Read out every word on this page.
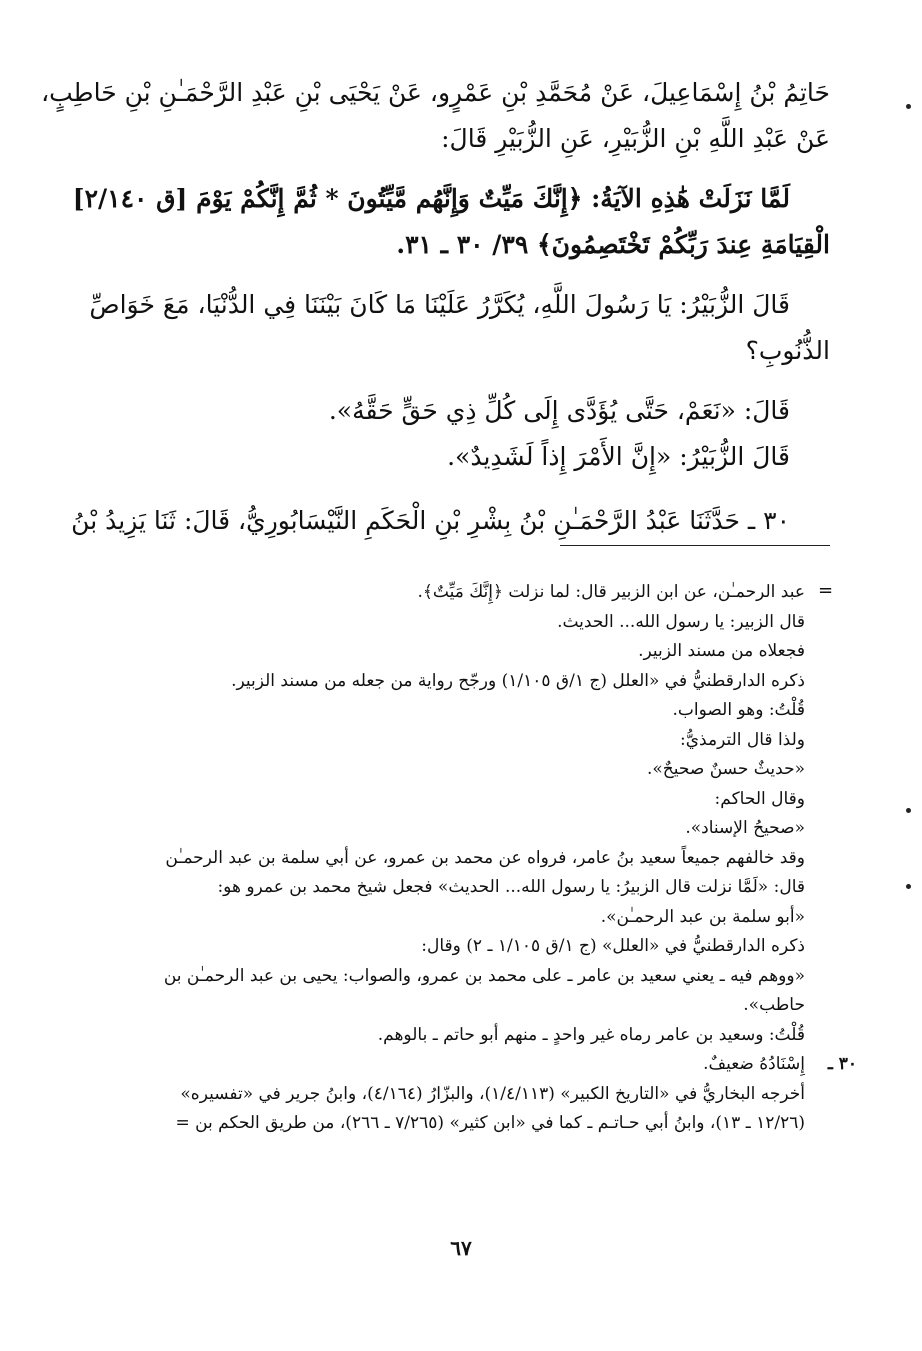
حَاتِمُ بْنُ إِسْمَاعِيلَ، عَنْ مُحَمَّدِ بْنِ عَمْرٍو، عَنْ يَحْيَى بْنِ عَبْدِ الرَّحْمَـٰنِ بْنِ حَاطِبٍ،

عَنْ عَبْدِ اللَّهِ بْنِ الزُّبَيْرِ، عَنِ الزُّبَيْرِ قَالَ:

لَمَّا نَزَلَتْ هَٰذِهِ الآيَةُ: ﴿إِنَّكَ مَيِّتٌ وَإِنَّهُم مَّيِّتُونَ * ثُمَّ إِنَّكُمْ يَوْمَ [ق ٢/١٤٠]

الْقِيَامَةِ عِندَ رَبِّكُمْ تَخْتَصِمُونَ﴾ ٣٩/ ٣٠ ـ ٣١.

قَالَ الزُّبَيْرُ: يَا رَسُولَ اللَّهِ، يُكَرَّرُ عَلَيْنَا مَا كَانَ بَيْنَنَا فِي الدُّنْيَا، مَعَ خَوَاصِّ

الذُّنُوبِ؟

قَالَ: «نَعَمْ، حَتَّى يُؤَدَّى إِلَى كُلِّ ذِي حَقٍّ حَقَّهُ».

قَالَ الزُّبَيْرُ: «إِنَّ الأَمْرَ إِذاً لَشَدِيدٌ».

٣٠ ـ حَدَّثَنَا عَبْدُ الرَّحْمَـٰنِ بْنُ بِشْرِ بْنِ الْحَكَمِ النَّيْسَابُورِيُّ، قَالَ: ثَنَا يَزِيدُ بْنُ

=

عبد الرحمـٰن، عن ابن الزبير قال: لما نزلت ﴿إِنَّكَ مَيِّتٌ﴾.

قال الزبير: يا رسول الله... الحديث.

فجعلاه من مسند الزبير.

ذكره الدارقطنيُّ في «العلل (ج ١/ق ١/١٠٥) ورجّح رواية من جعله من مسند الزبير.

قُلْتُ: وهو الصواب.

ولذا قال الترمذيُّ:

«حديثٌ حسنٌ صحيحٌ».

وقال الحاكم:

«صحيحُ الإسناد».

وقد خالفهم جميعاً سعيد بنُ عامر، فرواه عن محمد بن عمرو، عن أبي سلمة بن عبد الرحمـٰن

قال: «لَمَّا نزلت قال الزبيرُ: يا رسول الله... الحديث» فجعل شيخ محمد بن عمرو هو:

«أبو سلمة بن عبد الرحمـٰن».

ذكره الدارقطنيُّ في «العلل» (ج ١/ق ١/١٠٥ ـ ٢) وقال:

«ووهم فيه ـ يعني سعيد بن عامر ـ على محمد بن عمرو، والصواب: يحيى بن عبد الرحمـٰن بن

حاطب».

قُلْتُ: وسعيد بن عامر رماه غير واحدٍ ـ منهم أبو حاتم ـ بالوهم.

٣٠ ـ
إِسْنَادُهُ ضعيفٌ.

أخرجه البخاريُّ في «التاريخ الكبير» (١/٤/١١٣)، والبزّارُ (٤/١٦٤)، وابنُ جرير في «تفسيره»

(١٢/٢٦ ـ ١٣)، وابنُ أبي حـاتـم ـ كما في «ابن كثير» (٧/٢٦٥ ـ ٢٦٦)، من طريق الحكم بن =

٦٧
